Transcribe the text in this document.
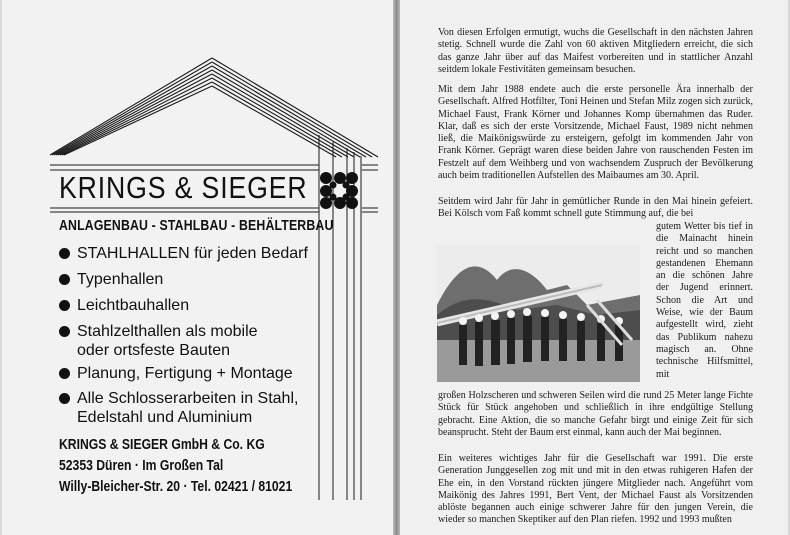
KRINGS & SIEGER
ANLAGENBAU - STAHLBAU - BEHÄLTERBAU
STAHLHALLEN für jeden Bedarf
Typenhallen
Leichtbauhallen
Stahlzelthallen als mobile oder ortsfeste Bauten
Planung, Fertigung + Montage
Alle Schlosserarbeiten in Stahl, Edelstahl und Aluminium
KRINGS & SIEGER GmbH & Co. KG
52353 Düren · Im Großen Tal
Willy-Bleicher-Str. 20 · Tel. 02421 / 81021
Von diesen Erfolgen ermutigt, wuchs die Gesellschaft in den nächsten Jahren stetig. Schnell wurde die Zahl von 60 aktiven Mitgliedern erreicht, die sich das ganze Jahr über auf das Maifest vorbereiten und in stattlicher Anzahl seitdem lokale Festivitäten gemeinsam besuchen.
Mit dem Jahr 1988 endete auch die erste personelle Ära innerhalb der Gesellschaft. Alfred Hotfilter, Toni Heinen und Stefan Milz zogen sich zurück, Michael Faust, Frank Körner und Johannes Komp übernahmen das Ruder. Klar, daß es sich der erste Vorsitzende, Michael Faust, 1989 nicht nehmen ließ, die Maikönigswürde zu ersteigern, gefolgt im kommenden Jahr von Frank Körner. Geprägt waren diese beiden Jahre von rauschenden Festen im Festzelt auf dem Weihberg und von wachsendem Zuspruch der Bevölkerung auch beim traditionellen Aufstellen des Maibaumes am 30. April.
Seitdem wird Jahr für Jahr in gemütlicher Runde in den Mai hinein gefeiert. Bei Kölsch vom Faß kommt schnell gute Stimmung auf, die bei
gutem Wetter bis tief in die Mainacht hinein reicht und so manchen gestandenen Ehemann an die schönen Jahre der Jugend erinnert. Schon die Art und Weise, wie der Baum aufgestellt wird, zieht das Publikum nahezu magisch an. Ohne technische Hilfsmittel, mit
großen Holzscheren und schweren Seilen wird die rund 25 Meter lange Fichte Stück für Stück angehoben und schließlich in ihre endgültige Stellung gebracht. Eine Aktion, die so manche Gefahr birgt und einige Zeit für sich beansprucht. Steht der Baum erst einmal, kann auch der Mai beginnen.
Ein weiteres wichtiges Jahr für die Gesellschaft war 1991. Die erste Generation Junggesellen zog mit und mit in den etwas ruhigeren Hafen der Ehe ein, in den Vorstand rückten jüngere Mitglieder nach. Angeführt vom Maikönig des Jahres 1991, Bert Vent, der Michael Faust als Vorsitzenden ablöste begannen auch einige schwerer Jahre für den jungen Verein, die wieder so manchen Skeptiker auf den Plan riefen. 1992 und 1993 mußten
